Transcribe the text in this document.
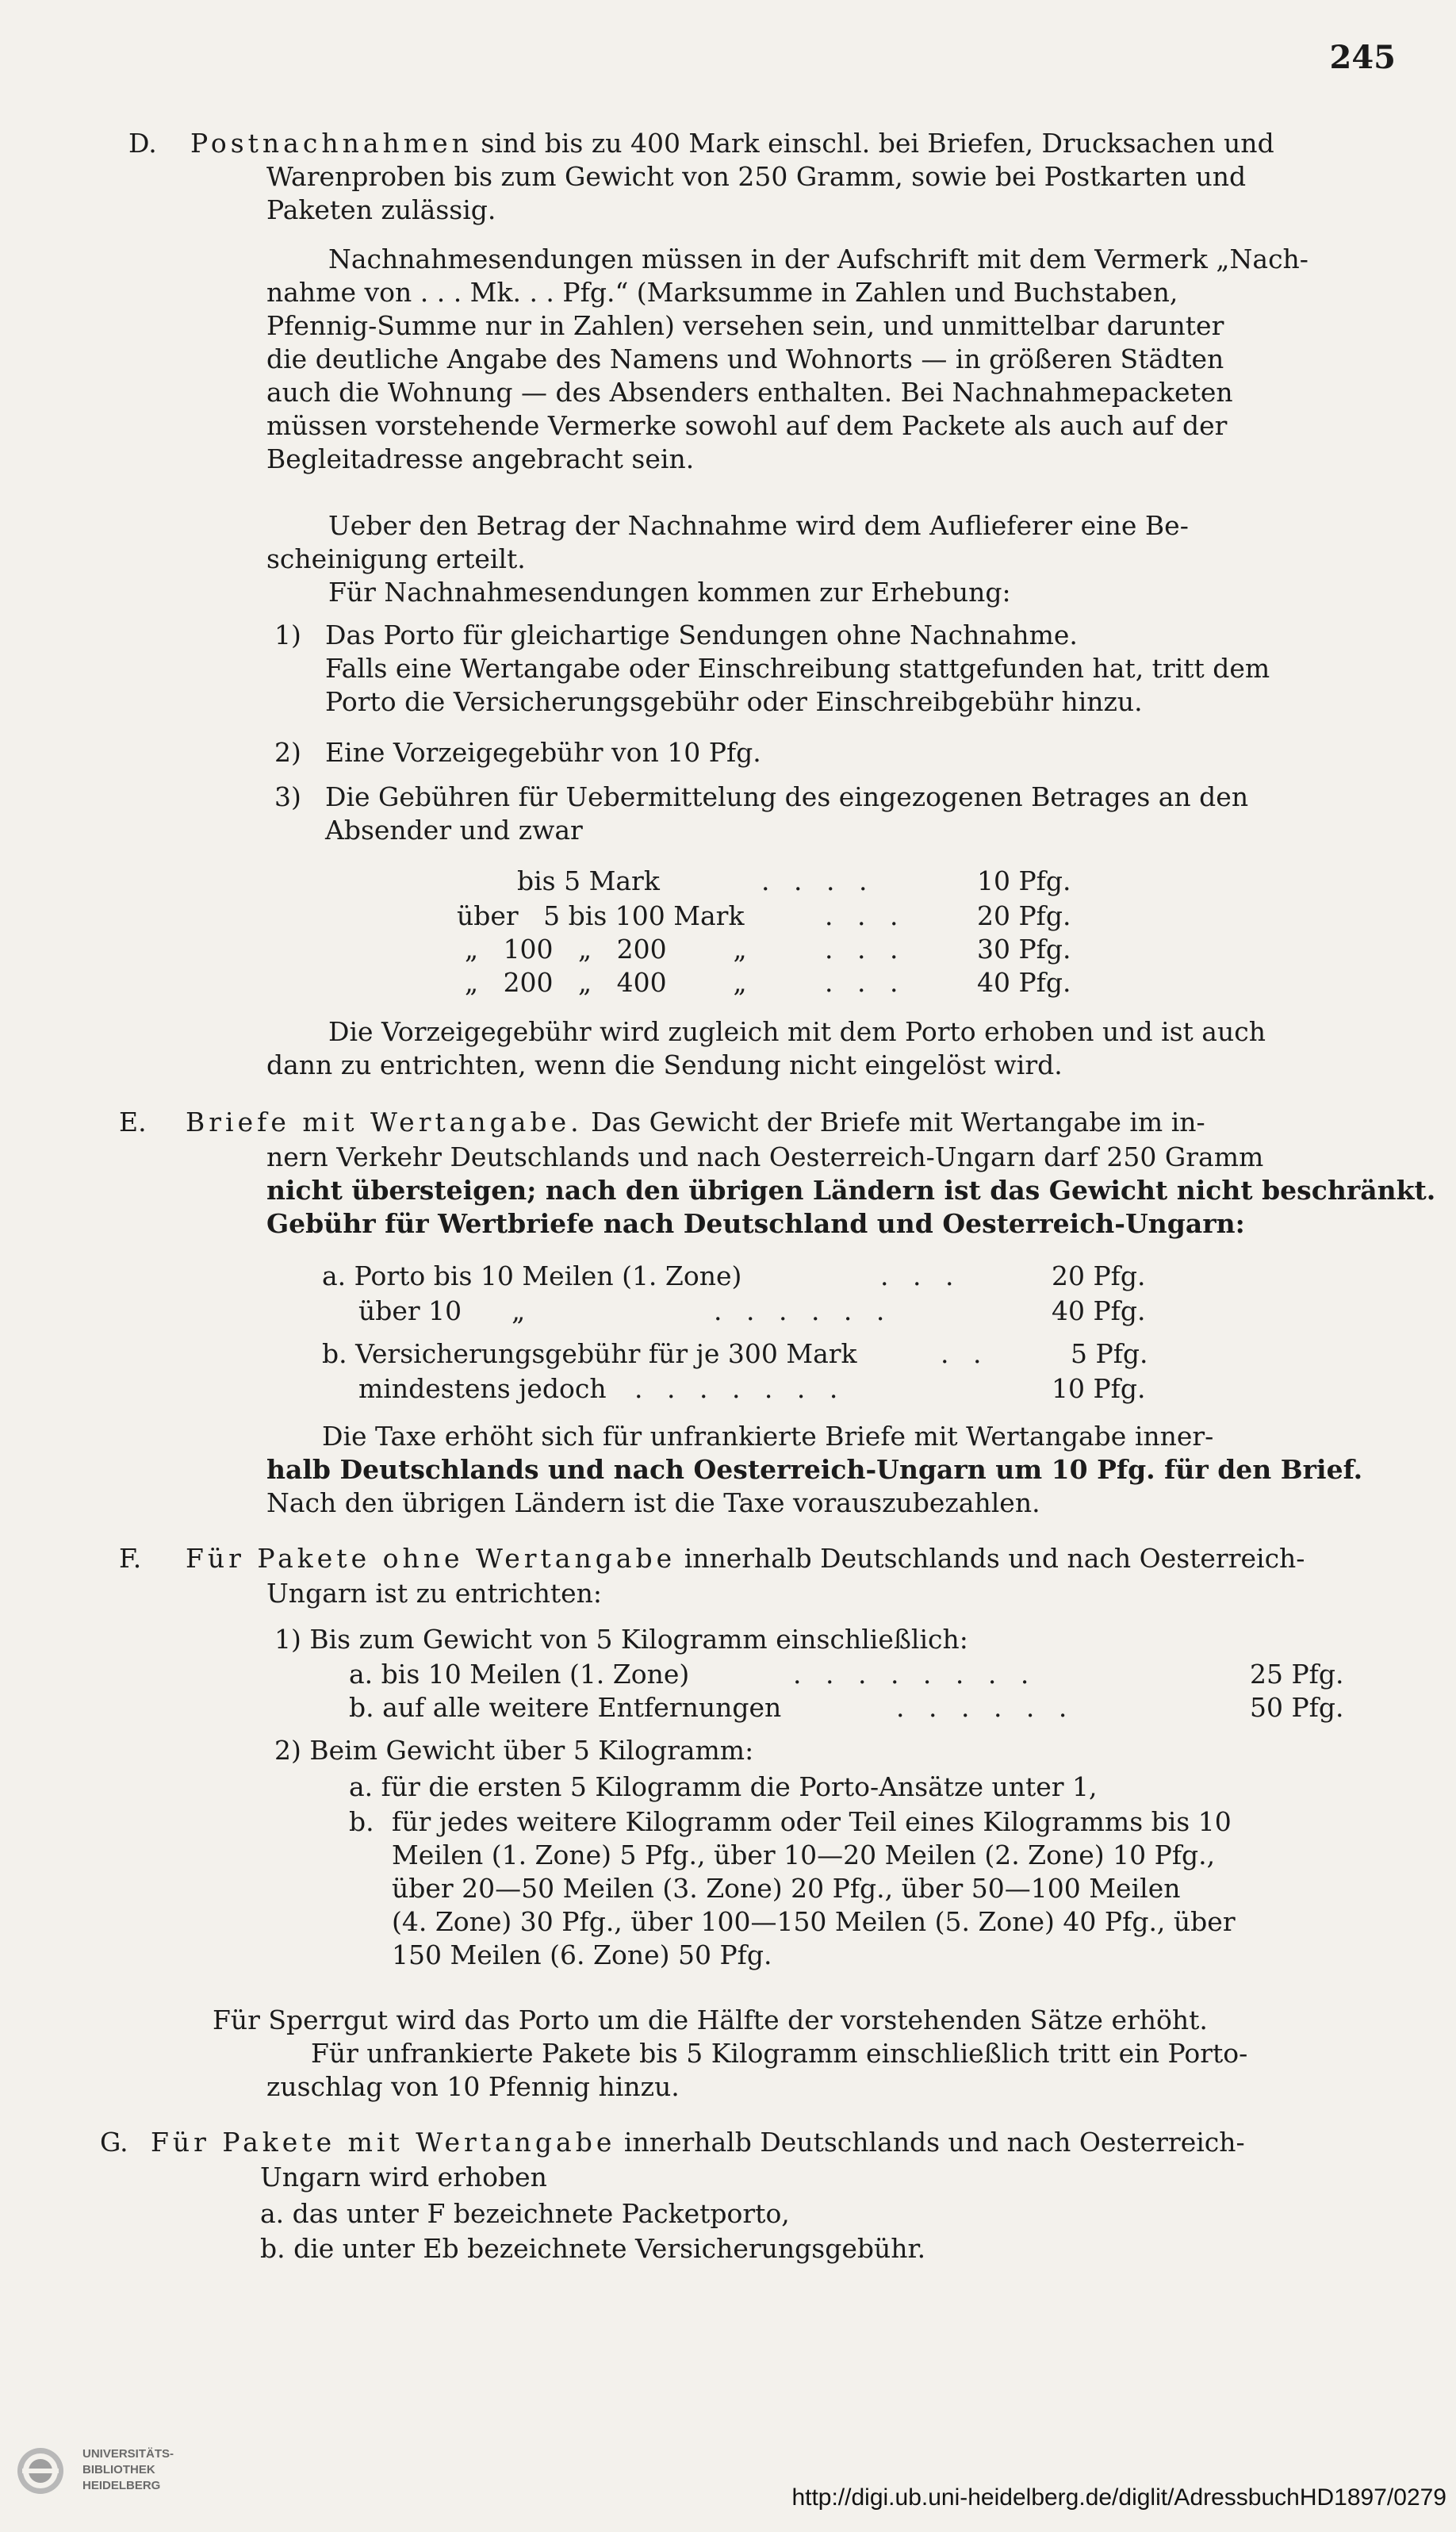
245
D. Postnachnahmen sind bis zu 400 Mark einschl. bei Briefen, Drucksachen und
Warenproben bis zum Gewicht von 250 Gramm, sowie bei Postkarten und
Paketen zulässig.
Nachnahmesendungen müssen in der Aufschrift mit dem Vermerk „Nach-
nahme von . . . Mk. . . Pfg.“ (Marksumme in Zahlen und Buchstaben,
Pfennig-Summe nur in Zahlen) versehen sein, und unmittelbar darunter
die deutliche Angabe des Namens und Wohnorts — in größeren Städten
auch die Wohnung — des Absenders enthalten. Bei Nachnahmepacketen
müssen vorstehende Vermerke sowohl auf dem Packete als auch auf der
Begleitadresse angebracht sein.
Ueber den Betrag der Nachnahme wird dem Auflieferer eine Be-
scheinigung erteilt.
Für Nachnahmesendungen kommen zur Erhebung:
1) Das Porto für gleichartige Sendungen ohne Nachnahme.
Falls eine Wertangabe oder Einschreibung stattgefunden hat, tritt dem
Porto die Versicherungsgebühr oder Einschreibgebühr hinzu.
2) Eine Vorzeigegebühr von 10 Pfg.
3) Die Gebühren für Uebermittelung des eingezogenen Betrages an den
Absender und zwar
bis 5 Mark	. . . .	10 Pfg.
über   5 bis 100 Mark	. . .	20 Pfg.
„   100   „   200        „	. . .	30 Pfg.
„   200   „   400        „	. . .	40 Pfg.
Die Vorzeigegebühr wird zugleich mit dem Porto erhoben und ist auch
dann zu entrichten, wenn die Sendung nicht eingelöst wird.
E. Briefe mit Wertangabe. Das Gewicht der Briefe mit Wertangabe im in-
nern Verkehr Deutschlands und nach Oesterreich-Ungarn darf 250 Gramm
nicht übersteigen; nach den übrigen Ländern ist das Gewicht nicht beschränkt.
Gebühr für Wertbriefe nach Deutschland und Oesterreich-Ungarn:
a. Porto bis 10 Meilen (1. Zone)	. . .	20 Pfg.
über 10      „	. . . . . .	40 Pfg.
b. Versicherungsgebühr für je 300 Mark	. .	5 Pfg.
mindestens jedoch . . . . . . .	10 Pfg.
Die Taxe erhöht sich für unfrankierte Briefe mit Wertangabe inner-
halb Deutschlands und nach Oesterreich-Ungarn um 10 Pfg. für den Brief.
Nach den übrigen Ländern ist die Taxe vorauszubezahlen.
F. Für Pakete ohne Wertangabe innerhalb Deutschlands und nach Oesterreich-
Ungarn ist zu entrichten:
1) Bis zum Gewicht von 5 Kilogramm einschließlich:
a. bis 10 Meilen (1. Zone)	. . . . . . . .	25 Pfg.
b. auf alle weitere Entfernungen	. . . . . .	50 Pfg.
2) Beim Gewicht über 5 Kilogramm:
a. für die ersten 5 Kilogramm die Porto-Ansätze unter 1,
b. für jedes weitere Kilogramm oder Teil eines Kilogramms bis 10
Meilen (1. Zone) 5 Pfg., über 10—20 Meilen (2. Zone) 10 Pfg.,
über 20—50 Meilen (3. Zone) 20 Pfg., über 50—100 Meilen
(4. Zone) 30 Pfg., über 100—150 Meilen (5. Zone) 40 Pfg., über
150 Meilen (6. Zone) 50 Pfg.
Für Sperrgut wird das Porto um die Hälfte der vorstehenden Sätze erhöht.
Für unfrankierte Pakete bis 5 Kilogramm einschließlich tritt ein Porto-
zuschlag von 10 Pfennig hinzu.
G. Für Pakete mit Wertangabe innerhalb Deutschlands und nach Oesterreich-
Ungarn wird erhoben
a. das unter F bezeichnete Packetporto,
b. die unter Eb bezeichnete Versicherungsgebühr.
UNIVERSITÄTS-
BIBLIOTHEK
HEIDELBERG	http://digi.ub.uni-heidelberg.de/diglit/AdressbuchHD1897/0279
